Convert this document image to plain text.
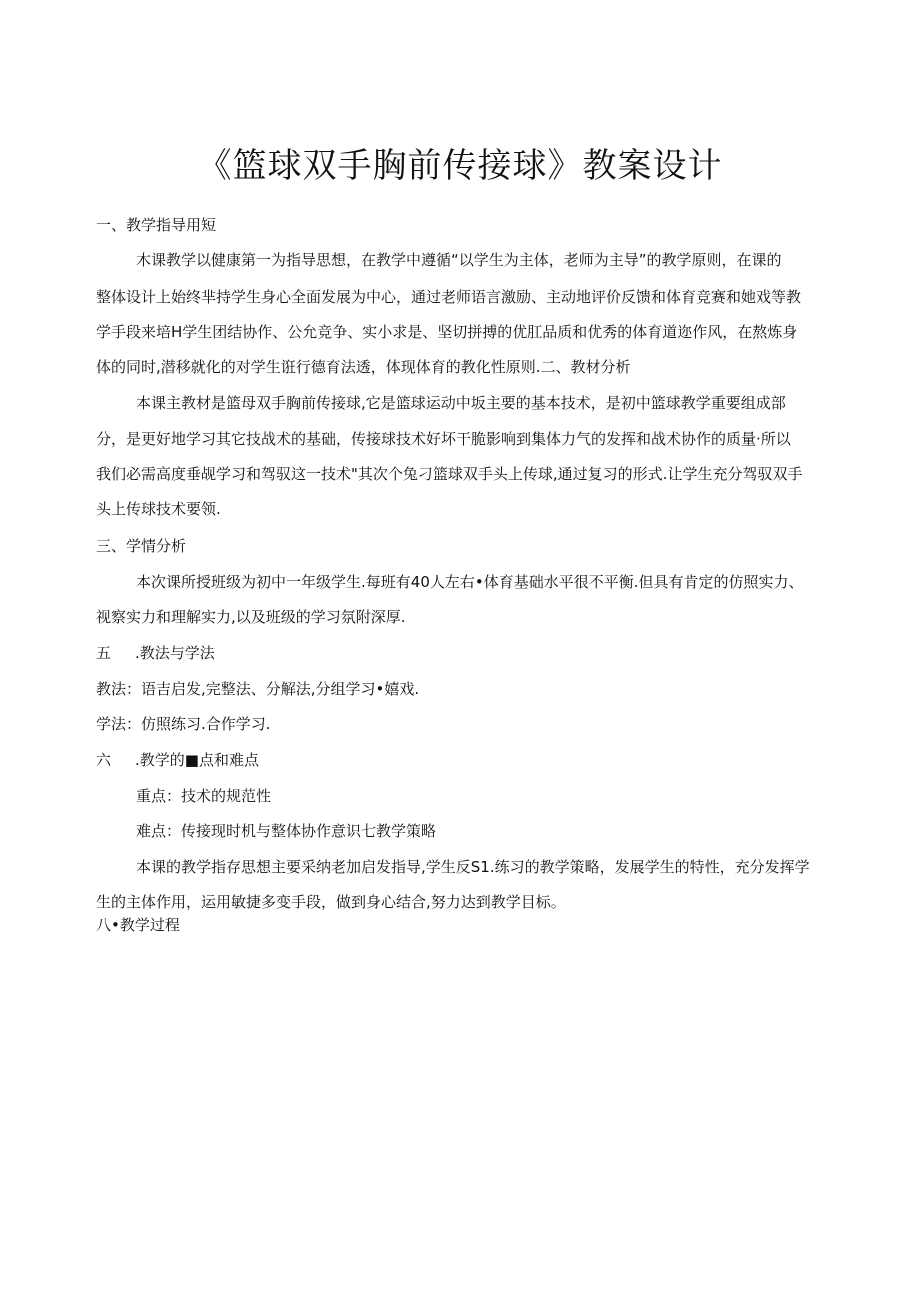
《篮球双手胸前传接球》教案设计
一、教学指导用短
木课教学以健康第一为指导思想，在教学中遵循“以学生为主体，老师为主导”的教学原则，在课的
整体设计上始终芈持学生身心全面发展为中心，通过老师语言激励、主动地评价反馈和体育竞赛和她戏等教
学手段来培H学生团结协作、公允竞争、实小求是、坚切拼搏的优肛品质和优秀的体育道迩作风，在熬炼身
体的同时,潜移就化的对学生诳行德育法透，体现体育的教化性原则.二、教材分析
本课主教材是篮母双手胸前传接球,它是篮球运动中坂主要的基本技术，是初中篮球教学重要组成部
分，是更好地学习其它技战术的基础，传接球技术好坏干脆影响到集体力气的发挥和战术协作的质量·所以
我们必需高度垂觇学习和驾驭这一技术"其次个兔刁篮球双手头上传球,通过复习的形式.让学生充分驾驭双手
头上传球技术要领.
三、学情分析
本次课所授班级为初中一年级学生.每班有40人左右•体育基础水平很不平衡.但具有肯定的仿照实力、
视察实力和理解实力,以及班级的学习氛附深厚.
五 .教法与学法
教法：语吉启发,完整法、分解法,分组学习•嬉戏.
学法：仿照练习.合作学习.
六 .教学的■点和难点
重点：技术的规范性
难点：传接现时机与整体协作意识七教学策略
本课的教学指存思想主要采纳老加启发指导,学生反S1.练习的教学策略，发展学生的特性，充分发挥学
生的主体作用，运用敏捷多变手段，做到身心结合,努力达到教学目标。
八•教学过程
